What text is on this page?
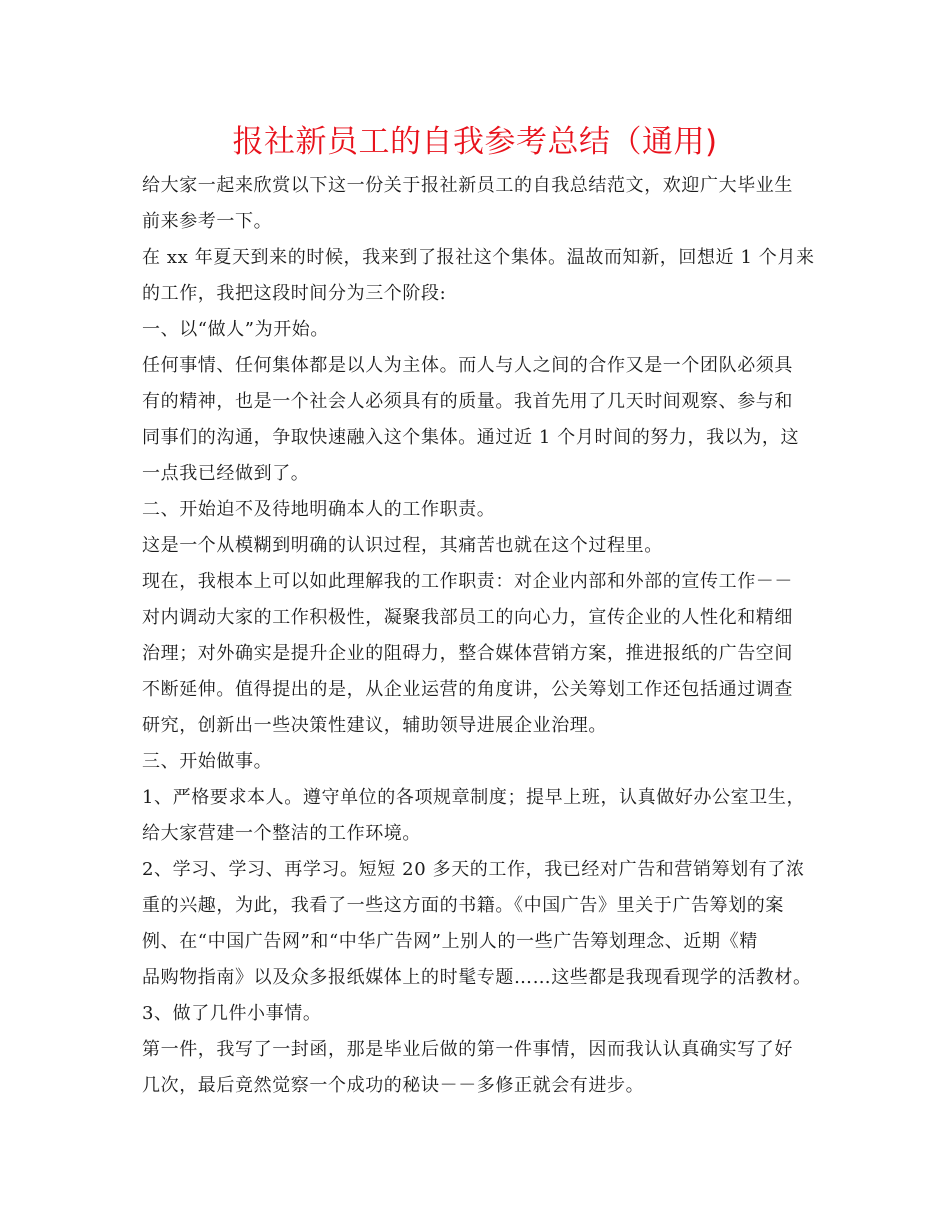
报社新员工的自我参考总结（通用)
给大家一起来欣赏以下这一份关于报社新员工的自我总结范文，欢迎广大毕业生
前来参考一下。
在 xx 年夏天到来的时候，我来到了报社这个集体。温故而知新，回想近 1 个月来
的工作，我把这段时间分为三个阶段:
一、以“做人”为开始。
任何事情、任何集体都是以人为主体。而人与人之间的合作又是一个团队必须具
有的精神，也是一个社会人必须具有的质量。我首先用了几天时间观察、参与和
同事们的沟通，争取快速融入这个集体。通过近 1 个月时间的努力，我以为，这
一点我已经做到了。
二、开始迫不及待地明确本人的工作职责。
这是一个从模糊到明确的认识过程，其痛苦也就在这个过程里。
现在，我根本上可以如此理解我的工作职责：对企业内部和外部的宣传工作－－
对内调动大家的工作积极性，凝聚我部员工的向心力，宣传企业的人性化和精细
治理；对外确实是提升企业的阻碍力，整合媒体营销方案，推进报纸的广告空间
不断延伸。值得提出的是，从企业运营的角度讲，公关筹划工作还包括通过调查
研究，创新出一些决策性建议，辅助领导进展企业治理。
三、开始做事。
1、严格要求本人。遵守单位的各项规章制度；提早上班，认真做好办公室卫生，
给大家营建一个整洁的工作环境。
2、学习、学习、再学习。短短 20 多天的工作，我已经对广告和营销筹划有了浓
重的兴趣，为此，我看了一些这方面的书籍。《中国广告》里关于广告筹划的案
例、在“中国广告网”和“中华广告网”上别人的一些广告筹划理念、近期《精
品购物指南》以及众多报纸媒体上的时髦专题……这些都是我现看现学的活教材。
3、做了几件小事情。
第一件，我写了一封函，那是毕业后做的第一件事情，因而我认认真确实写了好
几次，最后竟然觉察一个成功的秘诀－－多修正就会有进步。
